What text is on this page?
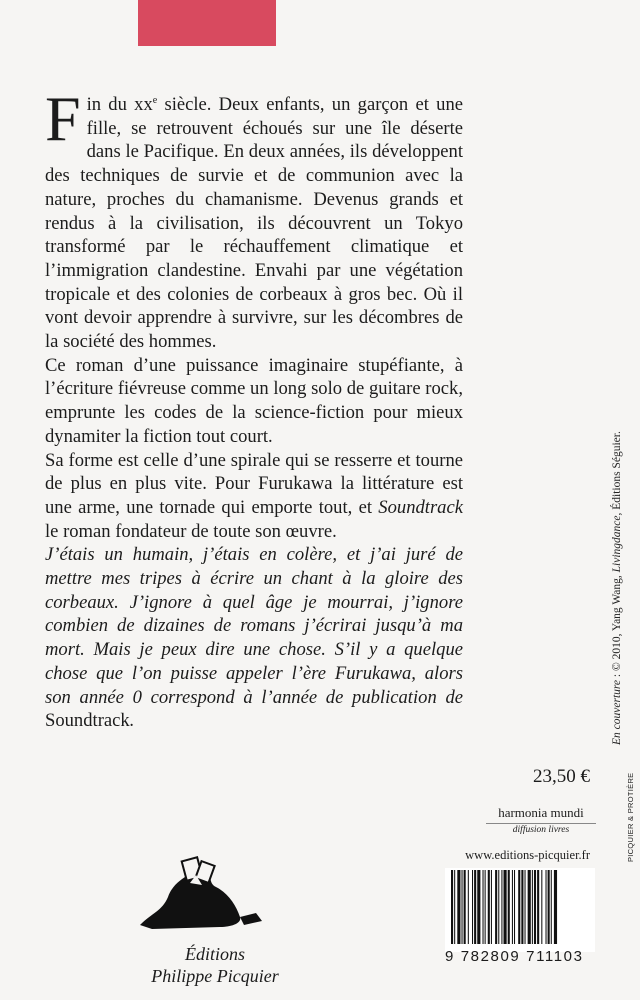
Fin du $xx^e$ siècle. Deux enfants, un garçon et une fille, se retrouvent échoués sur une île déserte dans le Pacifique. En deux années, ils développent des techniques de survie et de communion avec la nature, proches du chamanisme. Devenus grands et rendus à la civilisation, ils découvrent un Tokyo transformé par le réchauffement climatique et l’immigration clandestine. Envahi par une végétation tropicale et des colonies de corbeaux à gros bec. Où il vont devoir apprendre à survivre, sur les décombres de la société des hommes.

Ce roman d’une puissance imaginaire stupéfiante, à l’écriture fiévreuse comme un long solo de guitare rock, emprunte les codes de la science-fiction pour mieux dynamiter la fiction tout court.

Sa forme est celle d’une spirale qui se resserre et tourne de plus en plus vite. Pour Furukawa la littérature est une arme, une tornade qui emporte tout, et Soundtrack le roman fondateur de toute son œuvre.

J’étais un humain, j’étais en colère, et j’ai juré de mettre mes tripes à écrire un chant à la gloire des corbeaux. J’ignore à quel âge je mourrai, j’ignore combien de dizaines de romans j’écrirai jusqu’à ma mort. Mais je peux dire une chose. S’il y a quelque chose que l’on puisse appeler l’ère Furukawa, alors son année 0 correspond à l’année de publication de Soundtrack.	En couverture : © 2010, Yang Wang, Livingdance, Éditions Séguier.
PICQUIER & PROTIÈRE
23,50 €
harmonia mundi
diffusion livres
www.editions-picquier.fr
9 782809 711103
Éditions
Philippe Picquier
